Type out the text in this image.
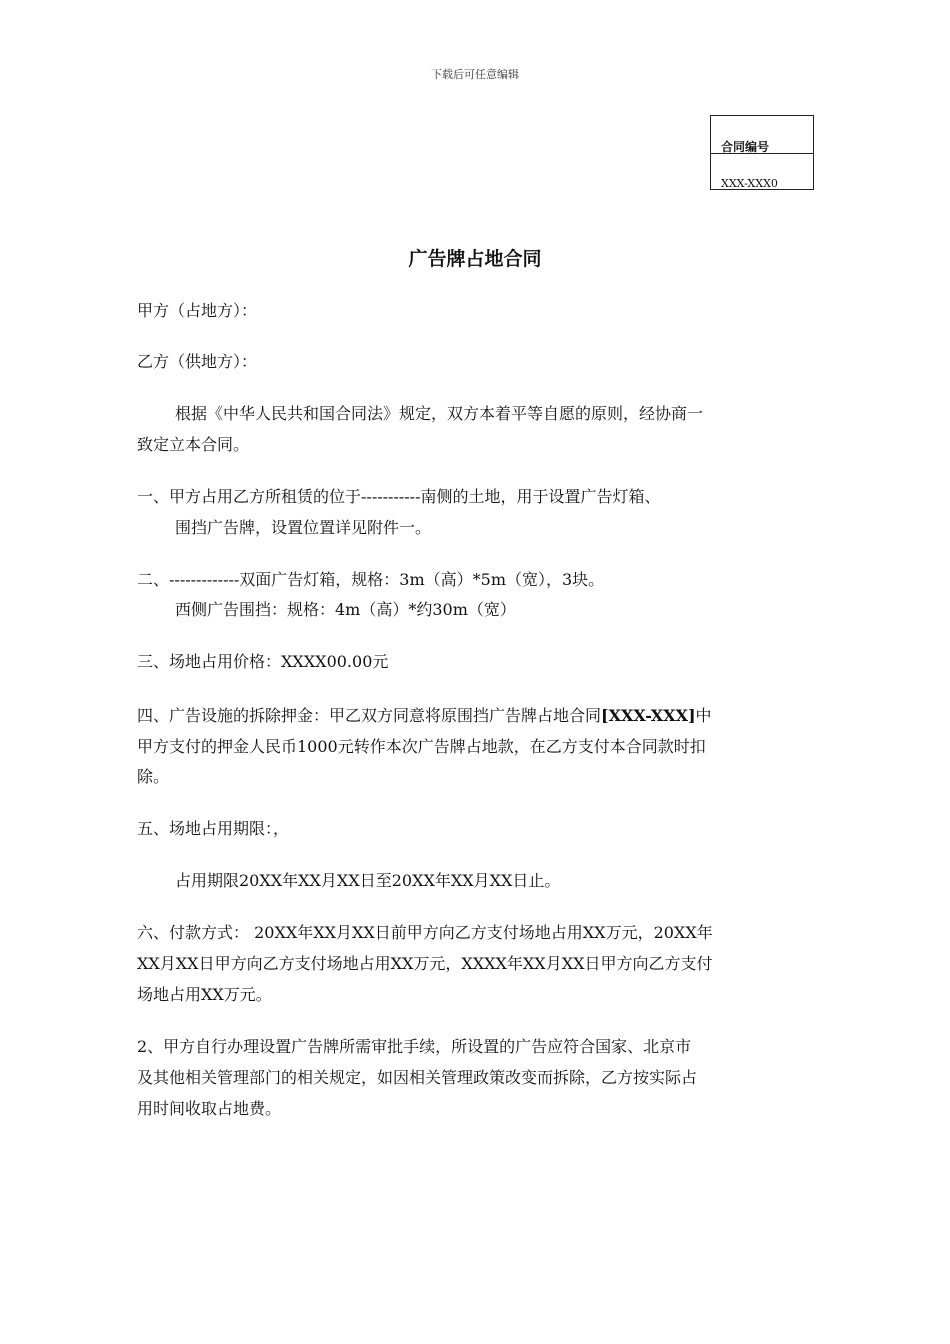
下载后可任意编辑
合同编号
XXX-XXX0
广告牌占地合同
甲方（占地方）：
乙方（供地方）：
根据《中华人民共和国合同法》规定，双方本着平等自愿的原则，经协商一
致定立本合同。
一、甲方占用乙方所租赁的位于-----------南侧的土地，用于设置广告灯箱、
围挡广告牌，设置位置详见附件一。
二、-------------双面广告灯箱，规格：3m（高）*5m（宽），3块。
西侧广告围挡：规格：4m（高）*约30m（宽）
三、场地占用价格：XXXX00.00元
四、广告设施的拆除押金：甲乙双方同意将原围挡广告牌占地合同[XXX-XXX]中
甲方支付的押金人民币1000元转作本次广告牌占地款，在乙方支付本合同款时扣
除。
五、场地占用期限：，
占用期限20XX年XX月XX日至20XX年XX月XX日止。
六、付款方式： 20XX年XX月XX日前甲方向乙方支付场地占用XX万元，20XX年
XX月XX日甲方向乙方支付场地占用XX万元，XXXX年XX月XX日甲方向乙方支付
场地占用XX万元。
2、甲方自行办理设置广告牌所需审批手续，所设置的广告应符合国家、北京市
及其他相关管理部门的相关规定，如因相关管理政策改变而拆除，乙方按实际占
用时间收取占地费。
